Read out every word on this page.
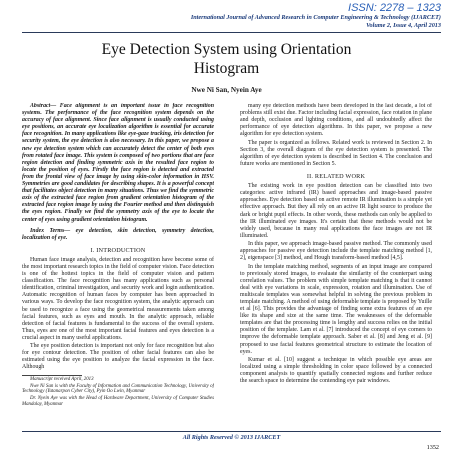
ISSN: 2278 – 1323
International Journal of Advanced Research in Computer Engineering & Technology (IJARCET)
Volume 2, Issue 4, April 2013
Eye Detection System using Orientation
Histogram
Nwe Ni San, Nyein Aye

Abstract— Face alignment is an important issue in face recognition systems. The performance of the face recognition system depends on the accuracy of face alignment. Since face alignment is usually conducted using eye positions, an accurate eye localization algorithm is essential for accurate face recognition. In many applications like eye-gaze tracking, iris detection for security system, the eye detection is also necessary. In this paper, we propose a new eye detection system which can accurately detect the center of both eyes from rotated face image. This system is composed of two portions that are face region detection and finding symmetric axis in the resulted face region to locate the position of eyes. Firstly the face region is detected and extracted from the frontal view of face image by using skin-color information in HSV. Symmetries are good candidates for describing shapes. It is a powerful concept that facilitates object detection in many situations. Thus we find the symmetric axis of the extracted face region from gradient orientation histogram of the extracted face region image by using the Fourier method and then distinguish the eyes region. Finally we find the symmetry axis of the eye to locate the center of eyes using gradient orientation histogram.

Index Terms— eye detection, skin detection, symmetry detection, localization of eye.

I. INTRODUCTION

Human face image analysis, detection and recognition have become some of the most important research topics in the field of computer vision. Face detection is one of the hottest topics in the field of computer vision and pattern classification. The face recognition has many applications such as personal identification, criminal investigation, and security work and login authentication. Automatic recognition of human faces by computer has been approached in various ways. To develop the face recognition system, the analytic approach can be used to recognize a face using the geometrical measurements taken among facial features, such as eyes and mouth. In the analytic approach, reliable detection of facial features is fundamental to the success of the overall system. Thus, eyes are one of the most important facial features and eyes detection is a crucial aspect in many useful applications.

The eye position detection is important not only for face recognition but also for eye contour detection. The position of other facial features can also be estimated using the eye position to analyze the facial expression in the face. Although

Manuscript received April, 2013

Nwe Ni San is with the Faculty of Information and Communication Technology, University of Technology (Yatanarpon Cyber City), Pyin Oo Lwin, Myanmar

Dr. Nyein Aye was with the Head of Hardware Department, University of Computer Studies Mandalay, Myanmar

many eye detection methods have been developed in the last decade, a lot of problems still exist due. Factor including facial expression, face rotation in plane and depth, occlusion and lighting conditions, and all undoubtedly affect the performance of eye detection algorithms. In this paper, we propose a new algorithm for eye detection system.

The paper is organized as follows. Related work is reviewed in Section 2. In Section 3, the overall diagram of the eye detection system is presented. The algorithm of eye detection system is described in Section 4. The conclusion and future works are mentioned in Section 5.

II. RELATED WORK

The existing work in eye position detection can be classified into two categories: active infrared (IR) based approaches and image-based passive approaches. Eye detection based on active remote IR illumination is a simple yet effective approach. But they all rely on an active IR light source to produce the dark or bright pupil effects. In other words, these methods can only be applied to the IR illuminated eye images. It's certain that these methods would not be widely used, because in many real applications the face images are not IR illuminated.

In this paper, we approach image-based passive method. The commonly used approaches for passive eye detection include the template matching method [1, 2], eigenspace [3] method, and Hough transform-based method [4,5].

In the template matching method, segments of an input image are compared to previously stored images, to evaluate the similarity of the counterpart using correlation values. The problem with simple template matching is that it cannot deal with eye variations in scale, expression, rotation and illumination. Use of multiscale templates was somewhat helpful in solving the previous problem in template matching. A method of using deformable template is proposed by Yuille et al [6]. This provides the advantage of finding some extra features of an eye like its shape and size at the same time. The weaknesses of the deformable templates are that the processing time is lengthy and success relies on the initial position of the template. Lam et al. [7] introduced the concept of eye corners to improve the deformable template approach. Saber et al. [8] and Jeng et al. [9] proposed to use facial features geometrical structure to estimate the location of eyes.

Kumar et al. [10] suggest a technique in which possible eye areas are localized using a simple thresholding in color space followed by a connected component analysis to quantify spatially connected regions and further reduce the search space to determine the contending eye pair windows.

All Rights Reserved © 2013 IJARCET
1352
